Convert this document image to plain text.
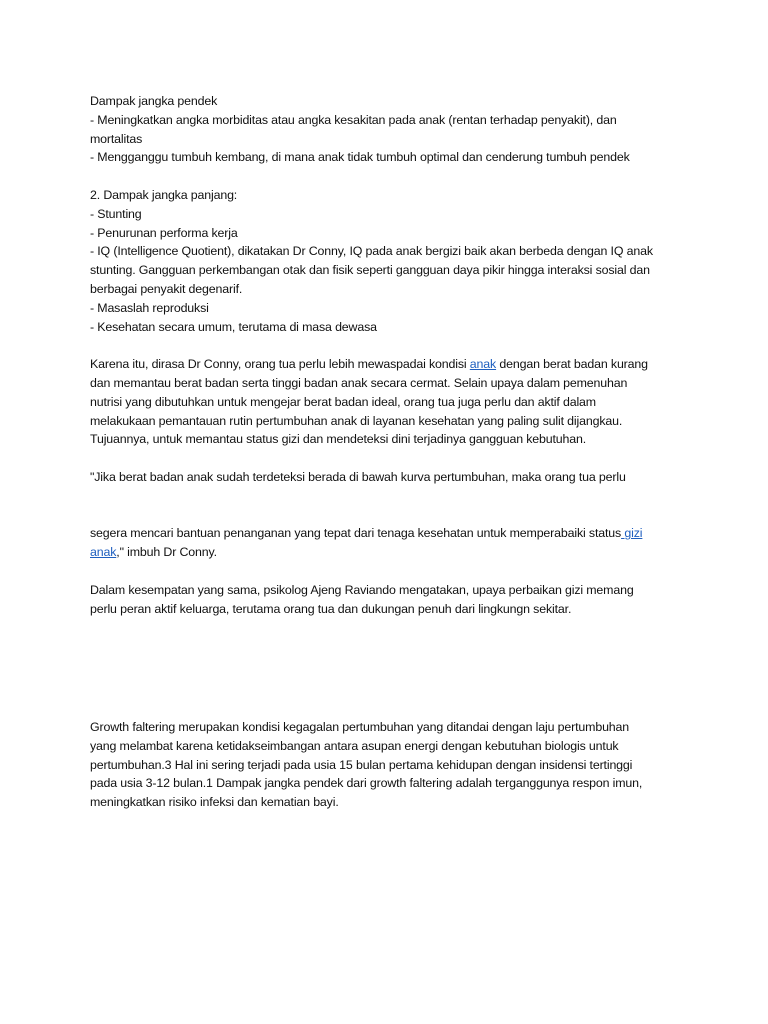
Dampak jangka pendek
- Meningkatkan angka morbiditas atau angka kesakitan pada anak (rentan terhadap penyakit), dan
mortalitas
- Mengganggu tumbuh kembang, di mana anak tidak tumbuh optimal dan cenderung tumbuh pendek
2. Dampak jangka panjang:
- Stunting
- Penurunan performa kerja
- IQ (Intelligence Quotient), dikatakan Dr Conny, IQ pada anak bergizi baik akan berbeda dengan IQ anak
stunting. Gangguan perkembangan otak dan fisik seperti gangguan daya pikir hingga interaksi sosial dan
berbagai penyakit degenarif.
- Masaslah reproduksi
- Kesehatan secara umum, terutama di masa dewasa
Karena itu, dirasa Dr Conny, orang tua perlu lebih mewaspadai kondisi anak dengan berat badan kurang
dan memantau berat badan serta tinggi badan anak secara cermat. Selain upaya dalam pemenuhan
nutrisi yang dibutuhkan untuk mengejar berat badan ideal, orang tua juga perlu dan aktif dalam
melakukaan pemantauan rutin pertumbuhan anak di layanan kesehatan yang paling sulit dijangkau.
Tujuannya, untuk memantau status gizi dan mendeteksi dini terjadinya gangguan kebutuhan.
"Jika berat badan anak sudah terdeteksi berada di bawah kurva pertumbuhan, maka orang tua perlu
segera mencari bantuan penanganan yang tepat dari tenaga kesehatan untuk memperabaiki status gizi
anak," imbuh Dr Conny.
Dalam kesempatan yang sama, psikolog Ajeng Raviando mengatakan, upaya perbaikan gizi memang
perlu peran aktif keluarga, terutama orang tua dan dukungan penuh dari lingkungn sekitar.
Growth faltering merupakan kondisi kegagalan pertumbuhan yang ditandai dengan laju pertumbuhan
yang melambat karena ketidakseimbangan antara asupan energi dengan kebutuhan biologis untuk
pertumbuhan.3 Hal ini sering terjadi pada usia 15 bulan pertama kehidupan dengan insidensi tertinggi
pada usia 3-12 bulan.1 Dampak jangka pendek dari growth faltering adalah terganggunya respon imun,
meningkatkan risiko infeksi dan kematian bayi.
